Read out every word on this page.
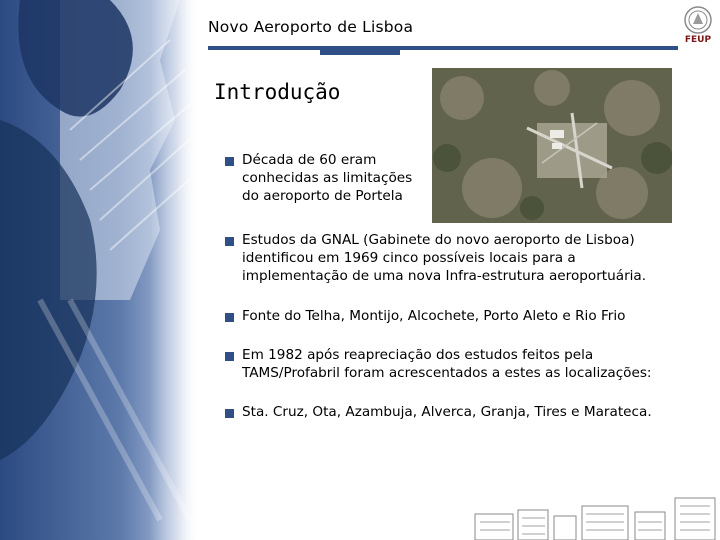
Novo Aeroporto de Lisboa
FEUP
Introdução
Década de 60 eram
conhecidas as limitações
do aeroporto de Portela
Estudos da GNAL (Gabinete do novo aeroporto de Lisboa)
identificou em 1969 cinco possíveis locais para a
implementação de uma nova Infra-estrutura aeroportuária.
Fonte do Telha, Montijo, Alcochete, Porto Aleto e Rio Frio
Em 1982 após reapreciação dos estudos feitos pela
TAMS/Profabril foram acrescentados a estes as localizações:
Sta. Cruz, Ota, Azambuja, Alverca, Granja, Tires e Marateca.
